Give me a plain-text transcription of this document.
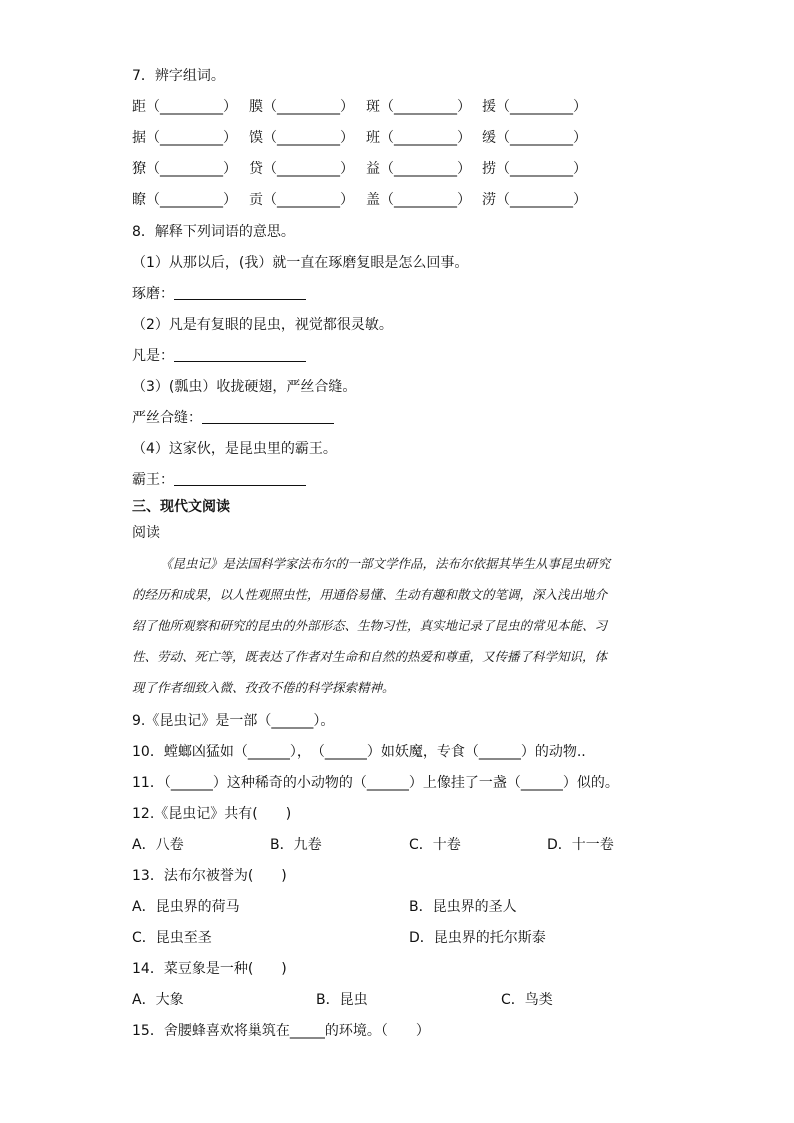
7．辨字组词。
距（_________） 膜（_________） 斑（_________） 援（_________）
据（_________） 馍（_________） 班（_________） 缓（_________）
獠（_________） 贷（_________） 益（_________） 捞（_________）
瞭（_________） 贡（_________） 盖（_________） 涝（_________）
8．解释下列词语的意思。
（1）从那以后，(我）就一直在琢磨复眼是怎么回事。
琢磨：
（2）凡是有复眼的昆虫，视觉都很灵敏。
凡是：
（3）(瓢虫）收拢硬翅，严丝合缝。
严丝合缝：
（4）这家伙，是昆虫里的霸王。
霸王：
三、现代文阅读
阅读
《昆虫记》是法国科学家法布尔的一部文学作品，法布尔依据其毕生从事昆虫研究
的经历和成果，以人性观照虫性，用通俗易懂、生动有趣和散文的笔调，深入浅出地介
绍了他所观察和研究的昆虫的外部形态、生物习性，真实地记录了昆虫的常见本能、习
性、劳动、死亡等，既表达了作者对生命和自然的热爱和尊重，又传播了科学知识，体
现了作者细致入微、孜孜不倦的科学探索精神。
9.《昆虫记》是一部（______）。
10．螳螂凶猛如（______），　（______）如妖魔，专食（______）的动物..
11．（______）这种稀奇的小动物的（______）上像挂了一盏（______）似的。
12.《昆虫记》共有(　　)
A．八卷	B．九卷	C．十卷	D．十一卷
13．法布尔被誉为(　　)
A．昆虫界的荷马	B．昆虫界的圣人
C．昆虫至圣	D．昆虫界的托尔斯泰
14．菜豆象是一种(　　)
A．大象	B．昆虫	C．鸟类
15．舍腰蜂喜欢将巢筑在_____的环境。（　　）
